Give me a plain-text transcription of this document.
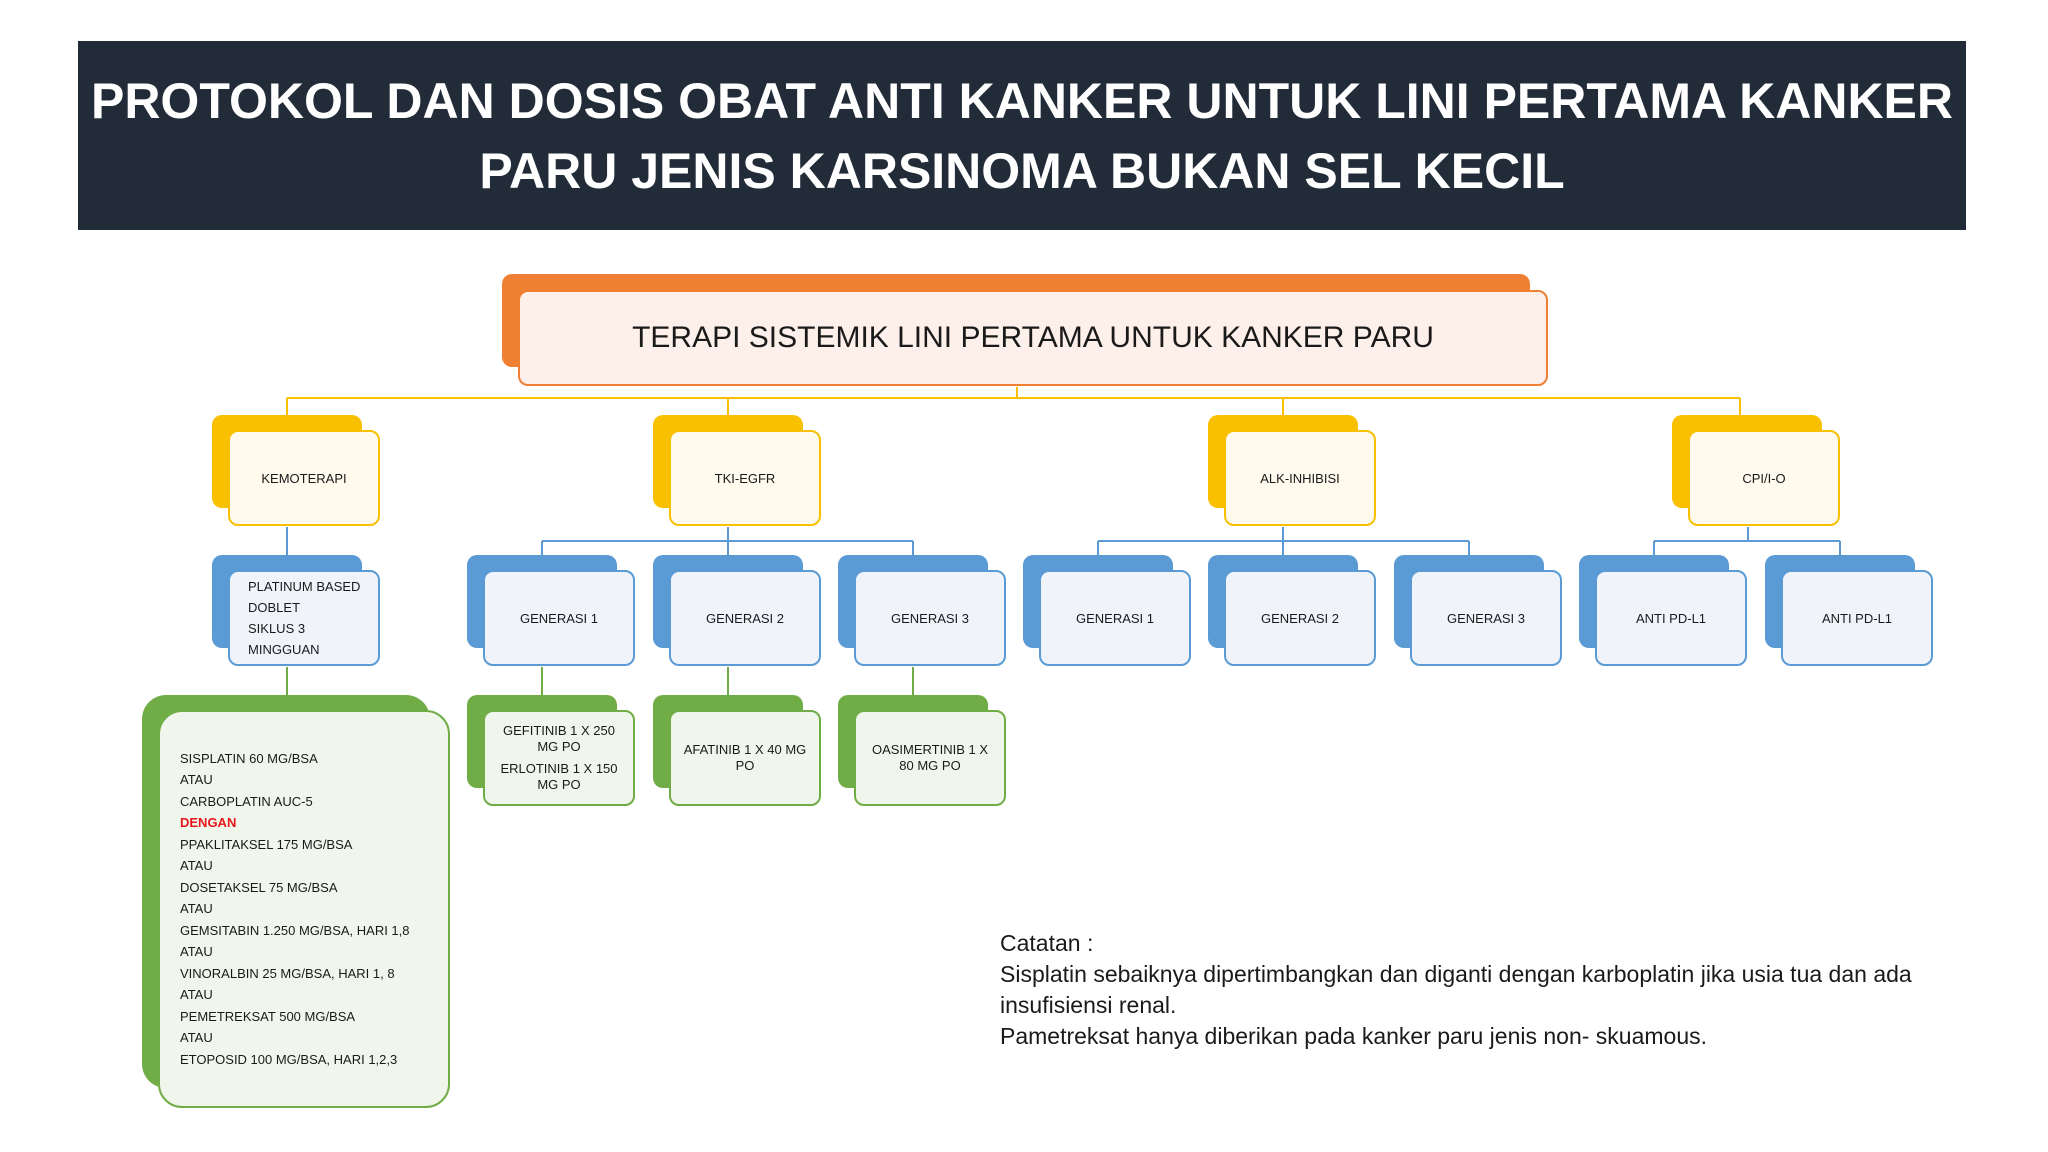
PROTOKOL DAN DOSIS OBAT ANTI KANKER UNTUK LINI PERTAMA KANKER
PARU JENIS KARSINOMA BUKAN SEL KECIL
TERAPI SISTEMIK LINI PERTAMA UNTUK KANKER PARU
KEMOTERAPI	TKI-EGFR	ALK-INHIBISI	CPI/I-O
PLATINUM BASED
DOBLET
SIKLUS 3 MINGGUAN
GENERASI 1	GENERASI 2	GENERASI 3	GENERASI 1	GENERASI 2	GENERASI 3	ANTI PD-L1	ANTI PD-L1
GEFITINIB 1 X 250 MG PO
ERLOTINIB 1 X 150 MG PO
AFATINIB 1 X 40 MG PO
OASIMERTINIB 1 X 80 MG PO
SISPLATIN 60 MG/BSA
ATAU
CARBOPLATIN AUC-5
DENGAN
PPAKLITAKSEL 175 MG/BSA
ATAU
DOSETAKSEL 75 MG/BSA
ATAU
GEMSITABIN 1.250 MG/BSA, HARI 1,8
ATAU
VINORALBIN 25 MG/BSA, HARI 1, 8
ATAU
PEMETREKSAT 500 MG/BSA
ATAU
ETOPOSID 100 MG/BSA, HARI 1,2,3
Catatan :
Sisplatin sebaiknya dipertimbangkan dan diganti dengan karboplatin jika usia tua dan ada insufisiensi renal.
Pametreksat hanya diberikan pada kanker paru jenis non- skuamous.
